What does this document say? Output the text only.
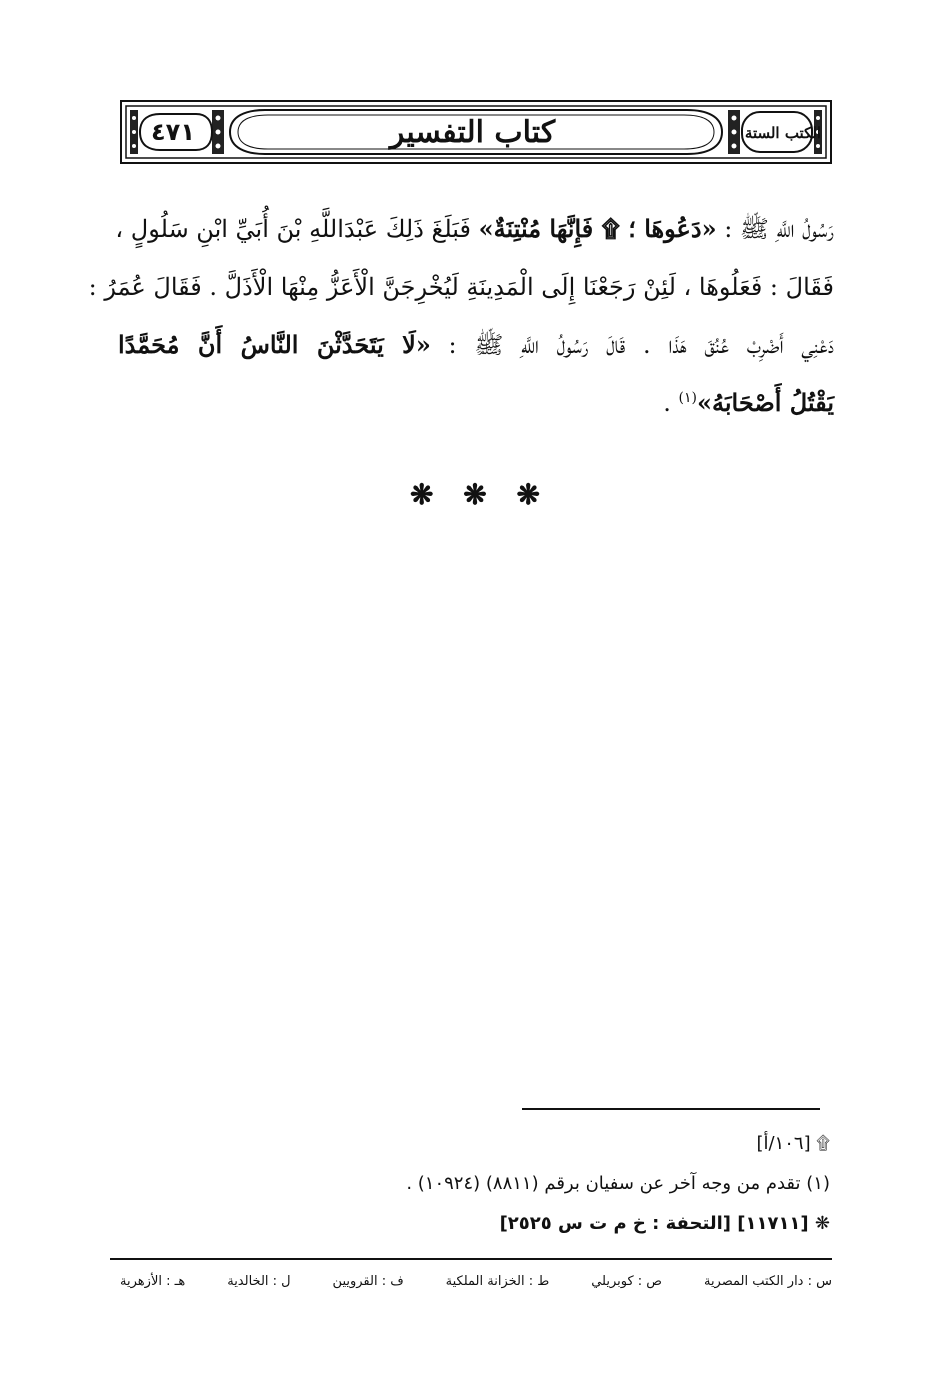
٤٧١	كتاب التفسير	الكتب الستة
رَسُولُ اللَّهِ ﷺ : «دَعُوهَا ؛ ۩ فَإِنَّهَا مُنْتِنَةٌ» فَبَلَغَ ذَلِكَ عَبْدَاللَّهِ بْنَ أُبَيِّ ابْنِ سَلُولٍ ،
فَقَالَ : فَعَلُوهَا ، لَئِنْ رَجَعْنَا إِلَى الْمَدِينَةِ لَيُخْرِجَنَّ الْأَعَزُّ مِنْهَا الْأَذَلَّ . فَقَالَ عُمَرُ :
دَعْنِي أَضْرِبْ عُنُقَ هَذَا . قَالَ رَسُولُ اللَّهِ ﷺ : «لَا يَتَحَدَّثْنَ النَّاسُ أَنَّ مُحَمَّدًا
يَقْتُلُ أَصْحَابَهُ»$^{(١)}$ .
❋ ❋ ❋
۩ [١٠٦/أ]
(١) تقدم من وجه آخر عن سفيان برقم (٨٨١١) (١٠٩٢٤) .
❋ [١١٧١١] [التحفة : خ م ت س ٢٥٢٥]
س : دار الكتب المصرية
ص : كوبريلي
ط : الخزانة الملكية
ف : القرويين
ل : الخالدية
هـ : الأزهرية
